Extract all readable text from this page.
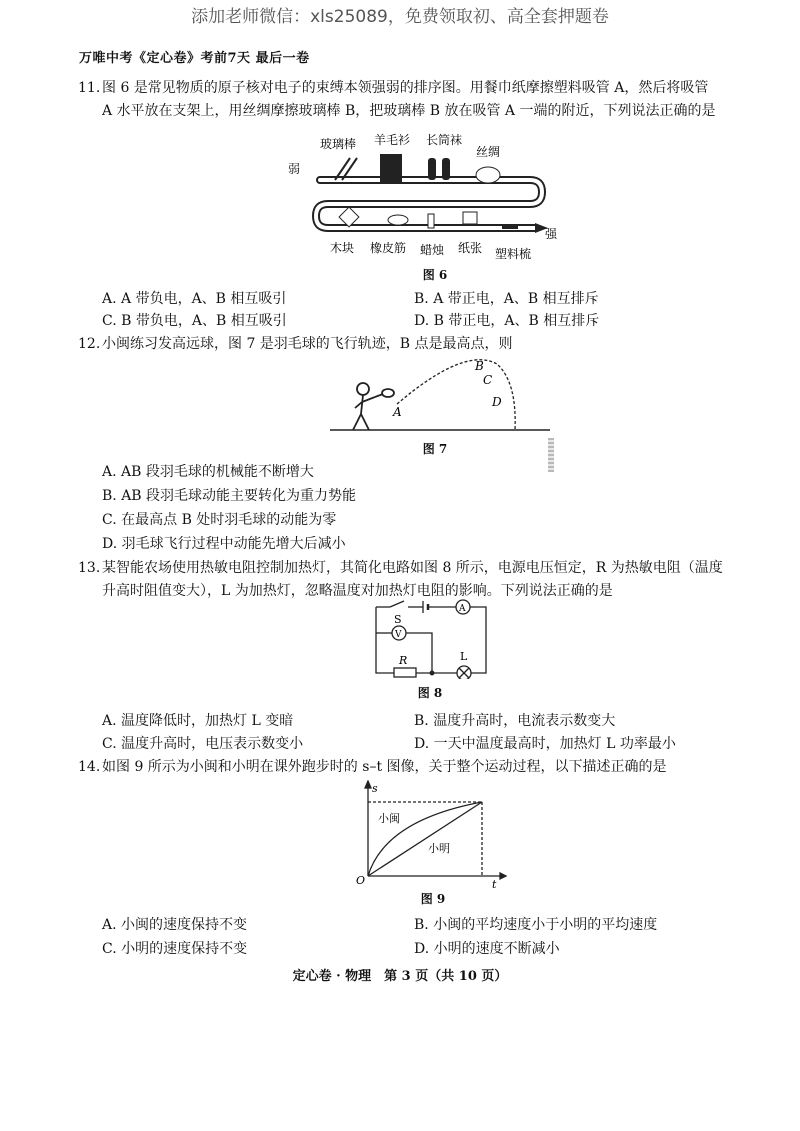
添加老师微信：xls25089，免费领取初、高全套押题卷
万唯中考《定心卷》考前7天 最后一卷
11. 图 6 是常见物质的原子核对电子的束缚本领强弱的排序图。用餐巾纸摩擦塑料吸管 A，然后将吸管
A 水平放在支架上，用丝绸摩擦玻璃棒 B，把玻璃棒 B 放在吸管 A 一端的附近，下列说法正确的是
弱
强
玻璃棒 羊毛衫 长筒袜
丝绸
木块 橡皮筋 蜡烛 纸张 塑料梳
图 6
A. A 带负电，A、B 相互吸引	B. A 带正电，A、B 相互排斥
C. B 带负电，A、B 相互吸引	D. B 带正电，A、B 相互排斥
12. 小闽练习发高远球，图 7 是羽毛球的飞行轨迹，B 点是最高点，则
A
B
C
D
图 7
A. AB 段羽毛球的机械能不断增大
B. AB 段羽毛球动能主要转化为重力势能
C. 在最高点 B 处时羽毛球的动能为零
D. 羽毛球飞行过程中动能先增大后减小
13. 某智能农场使用热敏电阻控制加热灯，其简化电路如图 8 所示，电源电压恒定，R 为热敏电阻（温度
升高时阻值变大），L 为加热灯，忽略温度对加热灯电阻的影响。下列说法正确的是
S
A
V
R	L
图 8
A. 温度降低时，加热灯 L 变暗	B. 温度升高时，电流表示数变大
C. 温度升高时，电压表示数变小	D. 一天中温度最高时，加热灯 L 功率最小
14. 如图 9 所示为小闽和小明在课外跑步时的 s–t 图像，关于整个运动过程，以下描述正确的是
s
t
O
小闽
小明
图 9
A. 小闽的速度保持不变	B. 小闽的平均速度小于小明的平均速度
C. 小明的速度保持不变	D. 小明的速度不断减小
定心卷 · 物理　第 3 页（共 10 页）
